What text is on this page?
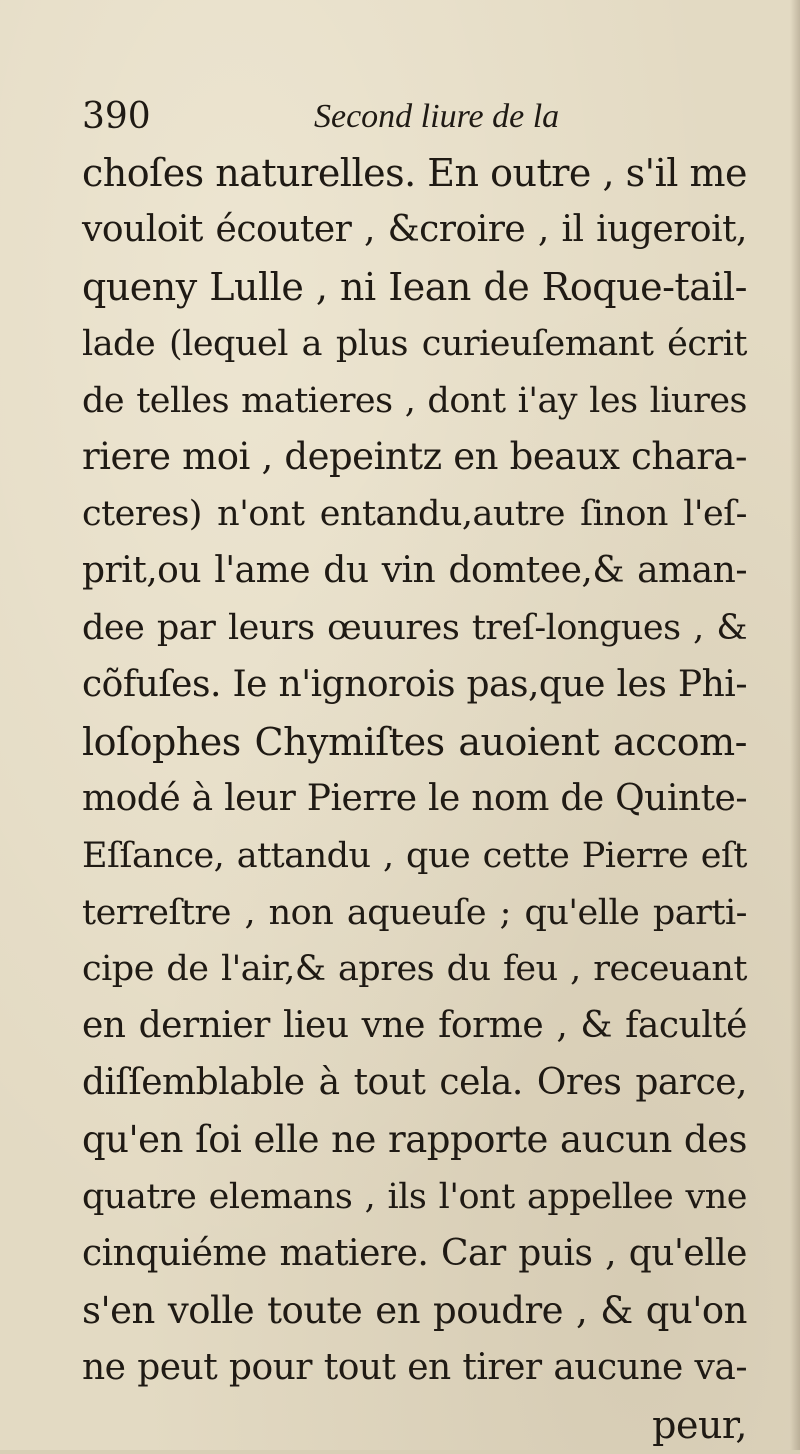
390	Second liure de la
choſes naturelles. En outre , s'il me
vouloit écouter , &croire , il iugeroit,
queny Lulle , ni Iean de Roque-tail-
lade (lequel a plus curieuſemant écrit
de telles matieres , dont i'ay les liures
riere moi , depeintz en beaux chara-
cteres) n'ont entandu,autre ſinon l'eſ-
prit,ou l'ame du vin domtee,& aman-
dee par leurs œuures treſ-longues , &
cõfuſes. Ie n'ignorois pas,que les Phi-
loſophes Chymiſtes auoient accom-
modé à leur Pierre le nom de Quinte-
Eſſance, attandu , que cette Pierre eſt
terreſtre , non aqueuſe ; qu'elle parti-
cipe de l'air,& apres du feu , receuant
en dernier lieu vne forme , & faculté
diſſemblable à tout cela. Ores parce,
qu'en ſoi elle ne rapporte aucun des
quatre elemans , ils l'ont appellee vne
cinquiéme matiere. Car puis , qu'elle
s'en volle toute en poudre , & qu'on
ne peut pour tout en tirer aucune va-
peur,
